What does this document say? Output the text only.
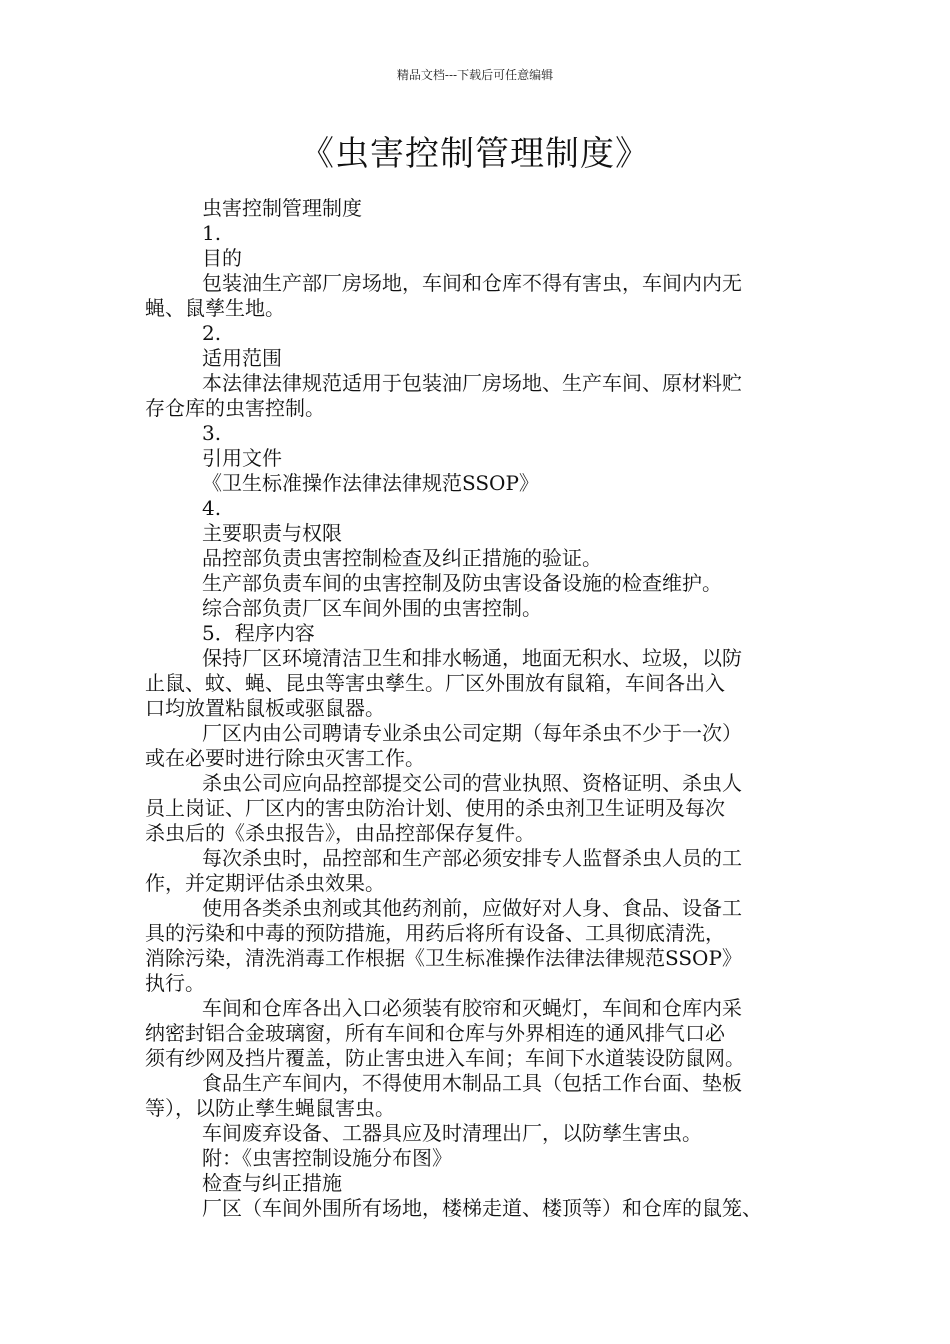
精品文档---下载后可任意编辑
《虫害控制管理制度》
虫害控制管理制度
1.
目的
包装油生产部厂房场地，车间和仓库不得有害虫，车间内内无
蝇、鼠孳生地。
2.
适用范围
本法律法律规范适用于包装油厂房场地、生产车间、原材料贮
存仓库的虫害控制。
3.
引用文件
《卫生标准操作法律法律规范SSOP》
4.
主要职责与权限
品控部负责虫害控制检查及纠正措施的验证。
生产部负责车间的虫害控制及防虫害设备设施的检查维护。
综合部负责厂区车间外围的虫害控制。
5．程序内容
保持厂区环境清洁卫生和排水畅通，地面无积水、垃圾，以防
止鼠、蚊、蝇、昆虫等害虫孳生。厂区外围放有鼠箱，车间各出入
口均放置粘鼠板或驱鼠器。
厂区内由公司聘请专业杀虫公司定期（每年杀虫不少于一次）
或在必要时进行除虫灭害工作。
杀虫公司应向品控部提交公司的营业执照、资格证明、杀虫人
员上岗证、厂区内的害虫防治计划、使用的杀虫剂卫生证明及每次
杀虫后的《杀虫报告》，由品控部保存复件。
每次杀虫时，品控部和生产部必须安排专人监督杀虫人员的工
作，并定期评估杀虫效果。
使用各类杀虫剂或其他药剂前，应做好对人身、食品、设备工
具的污染和中毒的预防措施，用药后将所有设备、工具彻底清洗，
消除污染，清洗消毒工作根据《卫生标准操作法律法律规范SSOP》
执行。
车间和仓库各出入口必须装有胶帘和灭蝇灯，车间和仓库内采
纳密封铝合金玻璃窗，所有车间和仓库与外界相连的通风排气口必
须有纱网及挡片覆盖，防止害虫进入车间；车间下水道装设防鼠网。
食品生产车间内，不得使用木制品工具（包括工作台面、垫板
等），以防止孳生蝇鼠害虫。
车间废弃设备、工器具应及时清理出厂，以防孳生害虫。
附：《虫害控制设施分布图》
检查与纠正措施
厂区（车间外围所有场地，楼梯走道、楼顶等）和仓库的鼠笼、
